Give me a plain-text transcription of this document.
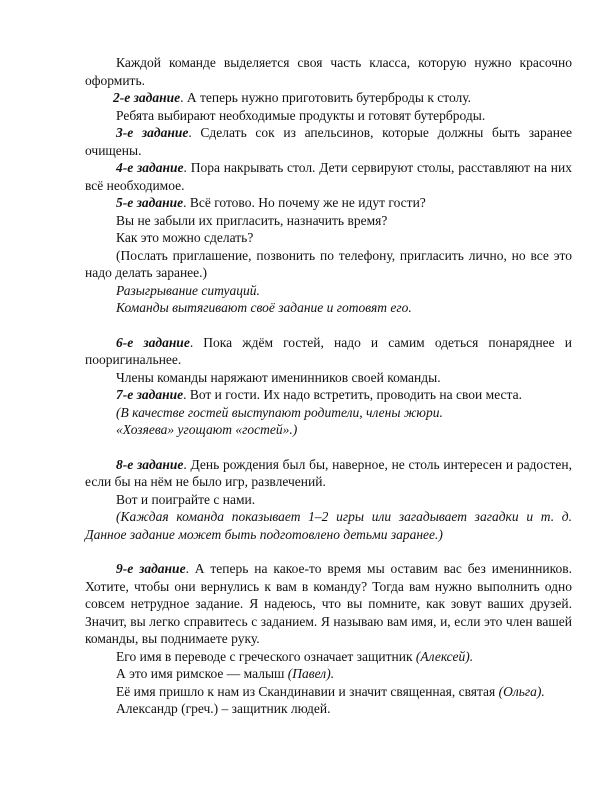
Каждой команде выделяется своя часть класса, которую нужно красочно оформить.

2-е задание. А теперь нужно приготовить бутерброды к столу.

Ребята выбирают необходимые продукты и готовят бутерброды.

3-е задание. Сделать сок из апельсинов, которые должны быть заранее очищены.

4-е задание. Пора накрывать стол. Дети сервируют столы, расставляют на них всё необходимое.

5-е задание. Всё готово. Но почему же не идут гости?

Вы не забыли их пригласить, назначить время?

Как это можно сделать?

(Послать приглашение, позвонить по телефону, пригласить лично, но все это надо делать заранее.)

Разыгрывание ситуаций.

Команды вытягивают своё задание и готовят его.

6-е задание. Пока ждём гостей, надо и самим одеться понаряднее и пооригинальнее.

Члены команды наряжают именинников своей команды.

7-е задание. Вот и гости. Их надо встретить, проводить на свои места.

(В качестве гостей выступают родители, члены жюри.

«Хозяева» угощают «гостей».)

8-е задание. День рождения был бы, наверное, не столь интересен и радостен, если бы на нём не было игр, развлечений.

Вот и поиграйте с нами.

(Каждая команда показывает 1–2 игры или загадывает загадки и т. д. Данное задание может быть подготовлено детьми заранее.)

9-е задание. А теперь на какое-то время мы оставим вас без именинников. Хотите, чтобы они вернулись к вам в команду? Тогда вам нужно выполнить одно совсем нетрудное задание. Я надеюсь, что вы помните, как зовут ваших друзей. Значит, вы легко справитесь с заданием. Я называю вам имя, и, если это член вашей команды, вы поднимаете руку.

Его имя в переводе с греческого означает защитник (Алексей).

А это имя римское — малыш (Павел).

Её имя пришло к нам из Скандинавии и значит священная, святая (Ольга).

Александр (греч.) – защитник людей.
